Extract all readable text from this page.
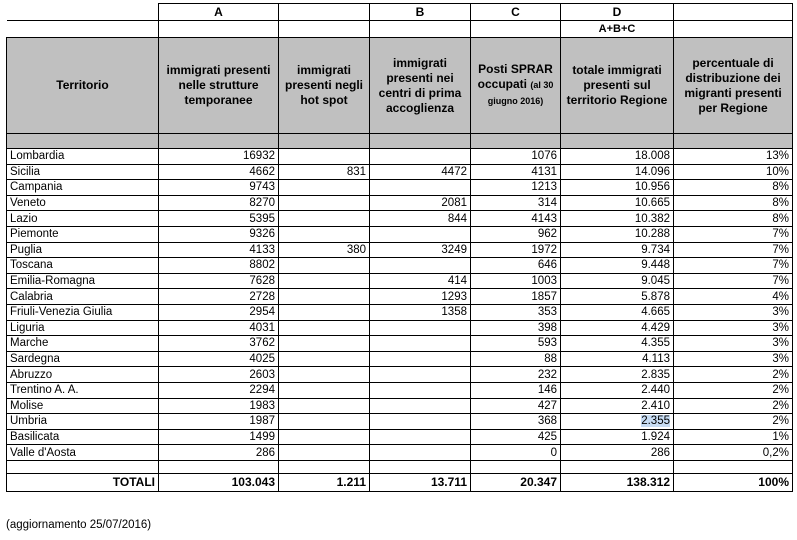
	A		B	C	D	
					A+B+C	
Territorio	immigrati presenti nelle strutture temporanee	immigrati presenti negli hot spot	immigrati presenti nei centri di prima accoglienza	Posti SPRAR occupati (al 30 giugno 2016)	totale immigrati presenti sul territorio Regione	percentuale di distribuzione dei migranti presenti per Regione

Lombardia	16932			1076	18.008	13%
Sicilia	4662	831	4472	4131	14.096	10%
Campania	9743			1213	10.956	8%
Veneto	8270		2081	314	10.665	8%
Lazio	5395		844	4143	10.382	8%
Piemonte	9326			962	10.288	7%
Puglia	4133	380	3249	1972	9.734	7%
Toscana	8802			646	9.448	7%
Emilia-Romagna	7628		414	1003	9.045	7%
Calabria	2728		1293	1857	5.878	4%
Friuli-Venezia Giulia	2954		1358	353	4.665	3%
Liguria	4031			398	4.429	3%
Marche	3762			593	4.355	3%
Sardegna	4025			88	4.113	3%
Abruzzo	2603			232	2.835	2%
Trentino A. A.	2294			146	2.440	2%
Molise	1983			427	2.410	2%
Umbria	1987			368	2.355	2%
Basilicata	1499			425	1.924	1%
Valle d'Aosta	286			0	286	0,2%

TOTALI	103.043	1.211	13.711	20.347	138.312	100%
(aggiornamento 25/07/2016)
